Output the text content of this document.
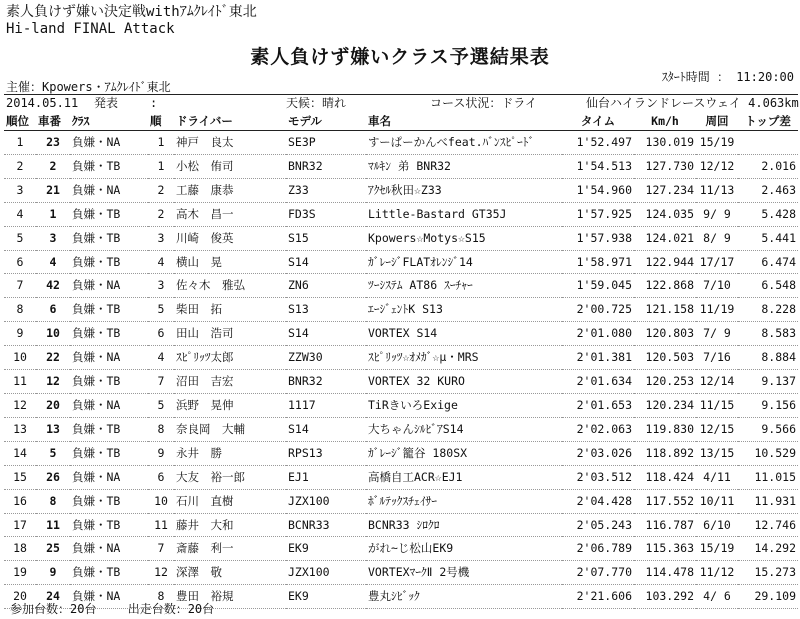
素人負けず嫌い決定戦withｱﾑｸﾚｲﾄﾞ東北
Hi-land FINAL Attack
素人負けず嫌いクラス予選結果表
ｽﾀｰﾄ時間 ： 11:20:00
主催：Kpowers・ｱﾑｸﾚｲﾄﾞ東北
2014.05.11 発表	:	天候：晴れ	コース状況：ドライ	仙台ハイランドレースウェイ 4.063km
順位	車番	ｸﾗｽ	順	ドライバー	モデル	車名	タイム	Km/h	周回	トップ差
1	23	負嫌・NA	1	神戸　良太	SE3P	すーぱーかんべfeat.ﾊﾞﾝｽﾋﾟｰﾄﾞ	1'52.497	130.019	15/19	
2	2	負嫌・TB	1	小松　侑司	BNR32	ﾏﾙｷﾝ 弟 BNR32	1'54.513	127.730	12/12	2.016
3	21	負嫌・NA	2	工藤　康恭	Z33	ｱｸｾﾙ秋田☆Z33	1'54.960	127.234	11/13	2.463
4	1	負嫌・TB	2	高木　昌一	FD3S	Little-Bastard GT35J	1'57.925	124.035	9/ 9	5.428
5	3	負嫌・TB	3	川崎　俊英	S15	Kpowers☆Motys☆S15	1'57.938	124.021	8/ 9	5.441
6	4	負嫌・TB	4	横山　晃	S14	ｶﾞﾚｰｼﾞFLATｵﾚﾝｼﾞ14	1'58.971	122.944	17/17	6.474
7	42	負嫌・NA	3	佐々木　雅弘	ZN6	ﾂｰｼｽﾃﾑ AT86 ｽｰﾁｬｰ	1'59.045	122.868	7/10	6.548
8	6	負嫌・TB	5	柴田　拓	S13	ｴｰｼﾞｪﾝﾄK S13	2'00.725	121.158	11/19	8.228
9	10	負嫌・TB	6	田山　浩司	S14	VORTEX S14	2'01.080	120.803	7/ 9	8.583
10	22	負嫌・NA	4	ｽﾋﾟﾘｯﾂ太郎	ZZW30	ｽﾋﾟﾘｯﾂ☆ｵﾒｶﾞ☆μ・MRS	2'01.381	120.503	7/16	8.884
11	12	負嫌・TB	7	沼田　吉宏	BNR32	VORTEX 32 KURO	2'01.634	120.253	12/14	9.137
12	20	負嫌・NA	5	浜野　晃伸	1117	TiRきいろExige	2'01.653	120.234	11/15	9.156
13	13	負嫌・TB	8	奈良岡　大輔	S14	大ちゃんｼﾙﾋﾞｱS14	2'02.063	119.830	12/15	9.566
14	5	負嫌・TB	9	永井　勝	RPS13	ｶﾞﾚｰｼﾞ籠谷 180SX	2'03.026	118.892	13/15	10.529
15	26	負嫌・NA	6	大友　裕一郎	EJ1	高橋自工ACR☆EJ1	2'03.512	118.424	4/11	11.015
16	8	負嫌・TB	10	石川　直樹	JZX100	ﾎﾞﾙﾃｯｸｽﾁｪｲｻｰ	2'04.428	117.552	10/11	11.931
17	11	負嫌・TB	11	藤井　大和	BCNR33	BCNR33 ｼﾛｸﾛ	2'05.243	116.787	6/10	12.746
18	25	負嫌・NA	7	斎藤　利一	EK9	がれ~じ松山EK9	2'06.789	115.363	15/19	14.292
19	9	負嫌・TB	12	深澤　敬	JZX100	VORTEXﾏｰｸⅡ 2号機	2'07.770	114.478	11/12	15.273
20	24	負嫌・NA	8	豊田　裕規	EK9	豊丸ｼﾋﾞｯｸ	2'21.606	103.292	4/ 6	29.109
参加台数：20台	出走台数：20台
